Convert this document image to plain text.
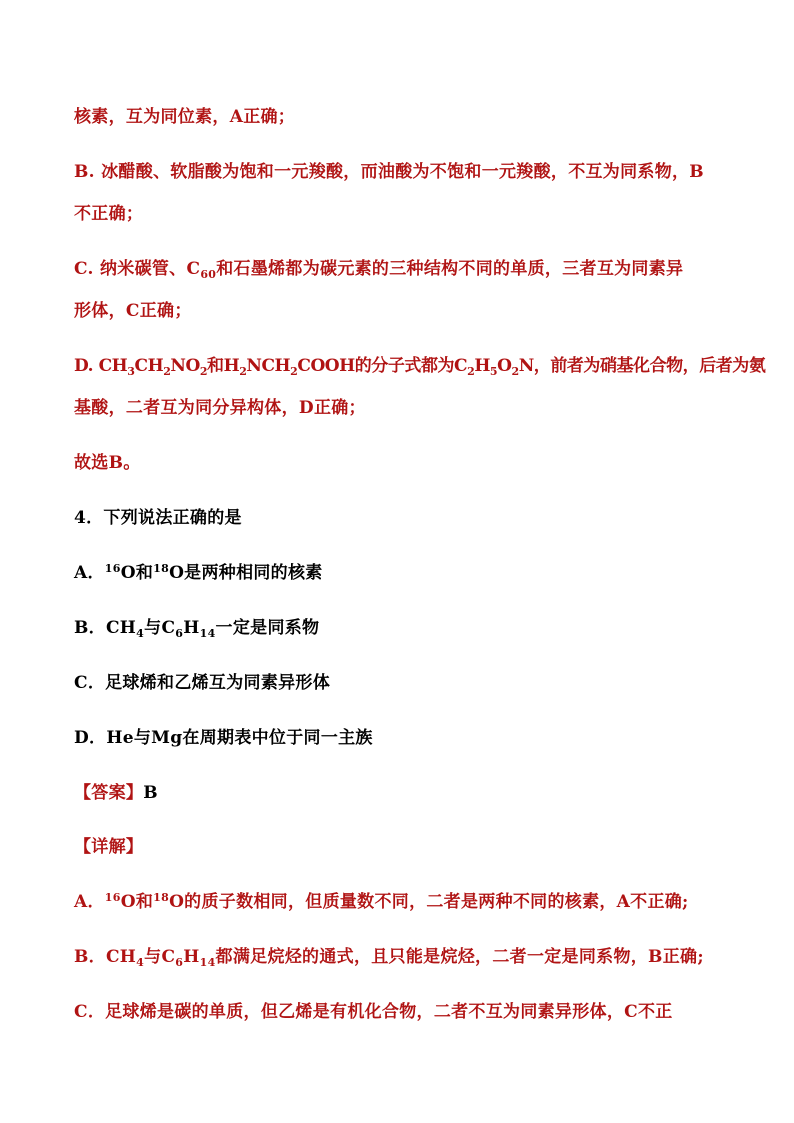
核素，互为同位素，A正确；
B. 冰醋酸、软脂酸为饱和一元羧酸，而油酸为不饱和一元羧酸，不互为同系物，B
不正确；
C. 纳米碳管、$C_{60}$和石墨烯都为碳元素的三种结构不同的单质，三者互为同素异
形体，C正确；
D. $CH_3CH_2NO_2$和$H_2NCH_2COOH$的分子式都为$C_2H_5O_2N$，前者为硝基化合物，后者为氨
基酸，二者互为同分异构体，D正确；
故选B。
4．下列说法正确的是
A．$^{16}$O和$^{18}$O是两种相同的核素
B．$CH_4$与$C_6H_{14}$一定是同系物
C．足球烯和乙烯互为同素异形体
D．He与Mg在周期表中位于同一主族
【答案】B
【详解】
A．$^{16}$O和$^{18}$O的质子数相同，但质量数不同，二者是两种不同的核素，A不正确;
B．$CH_4$与$C_6H_{14}$都满足烷烃的通式，且只能是烷烃，二者一定是同系物，B正确;
C．足球烯是碳的单质，但乙烯是有机化合物，二者不互为同素异形体，C不正
